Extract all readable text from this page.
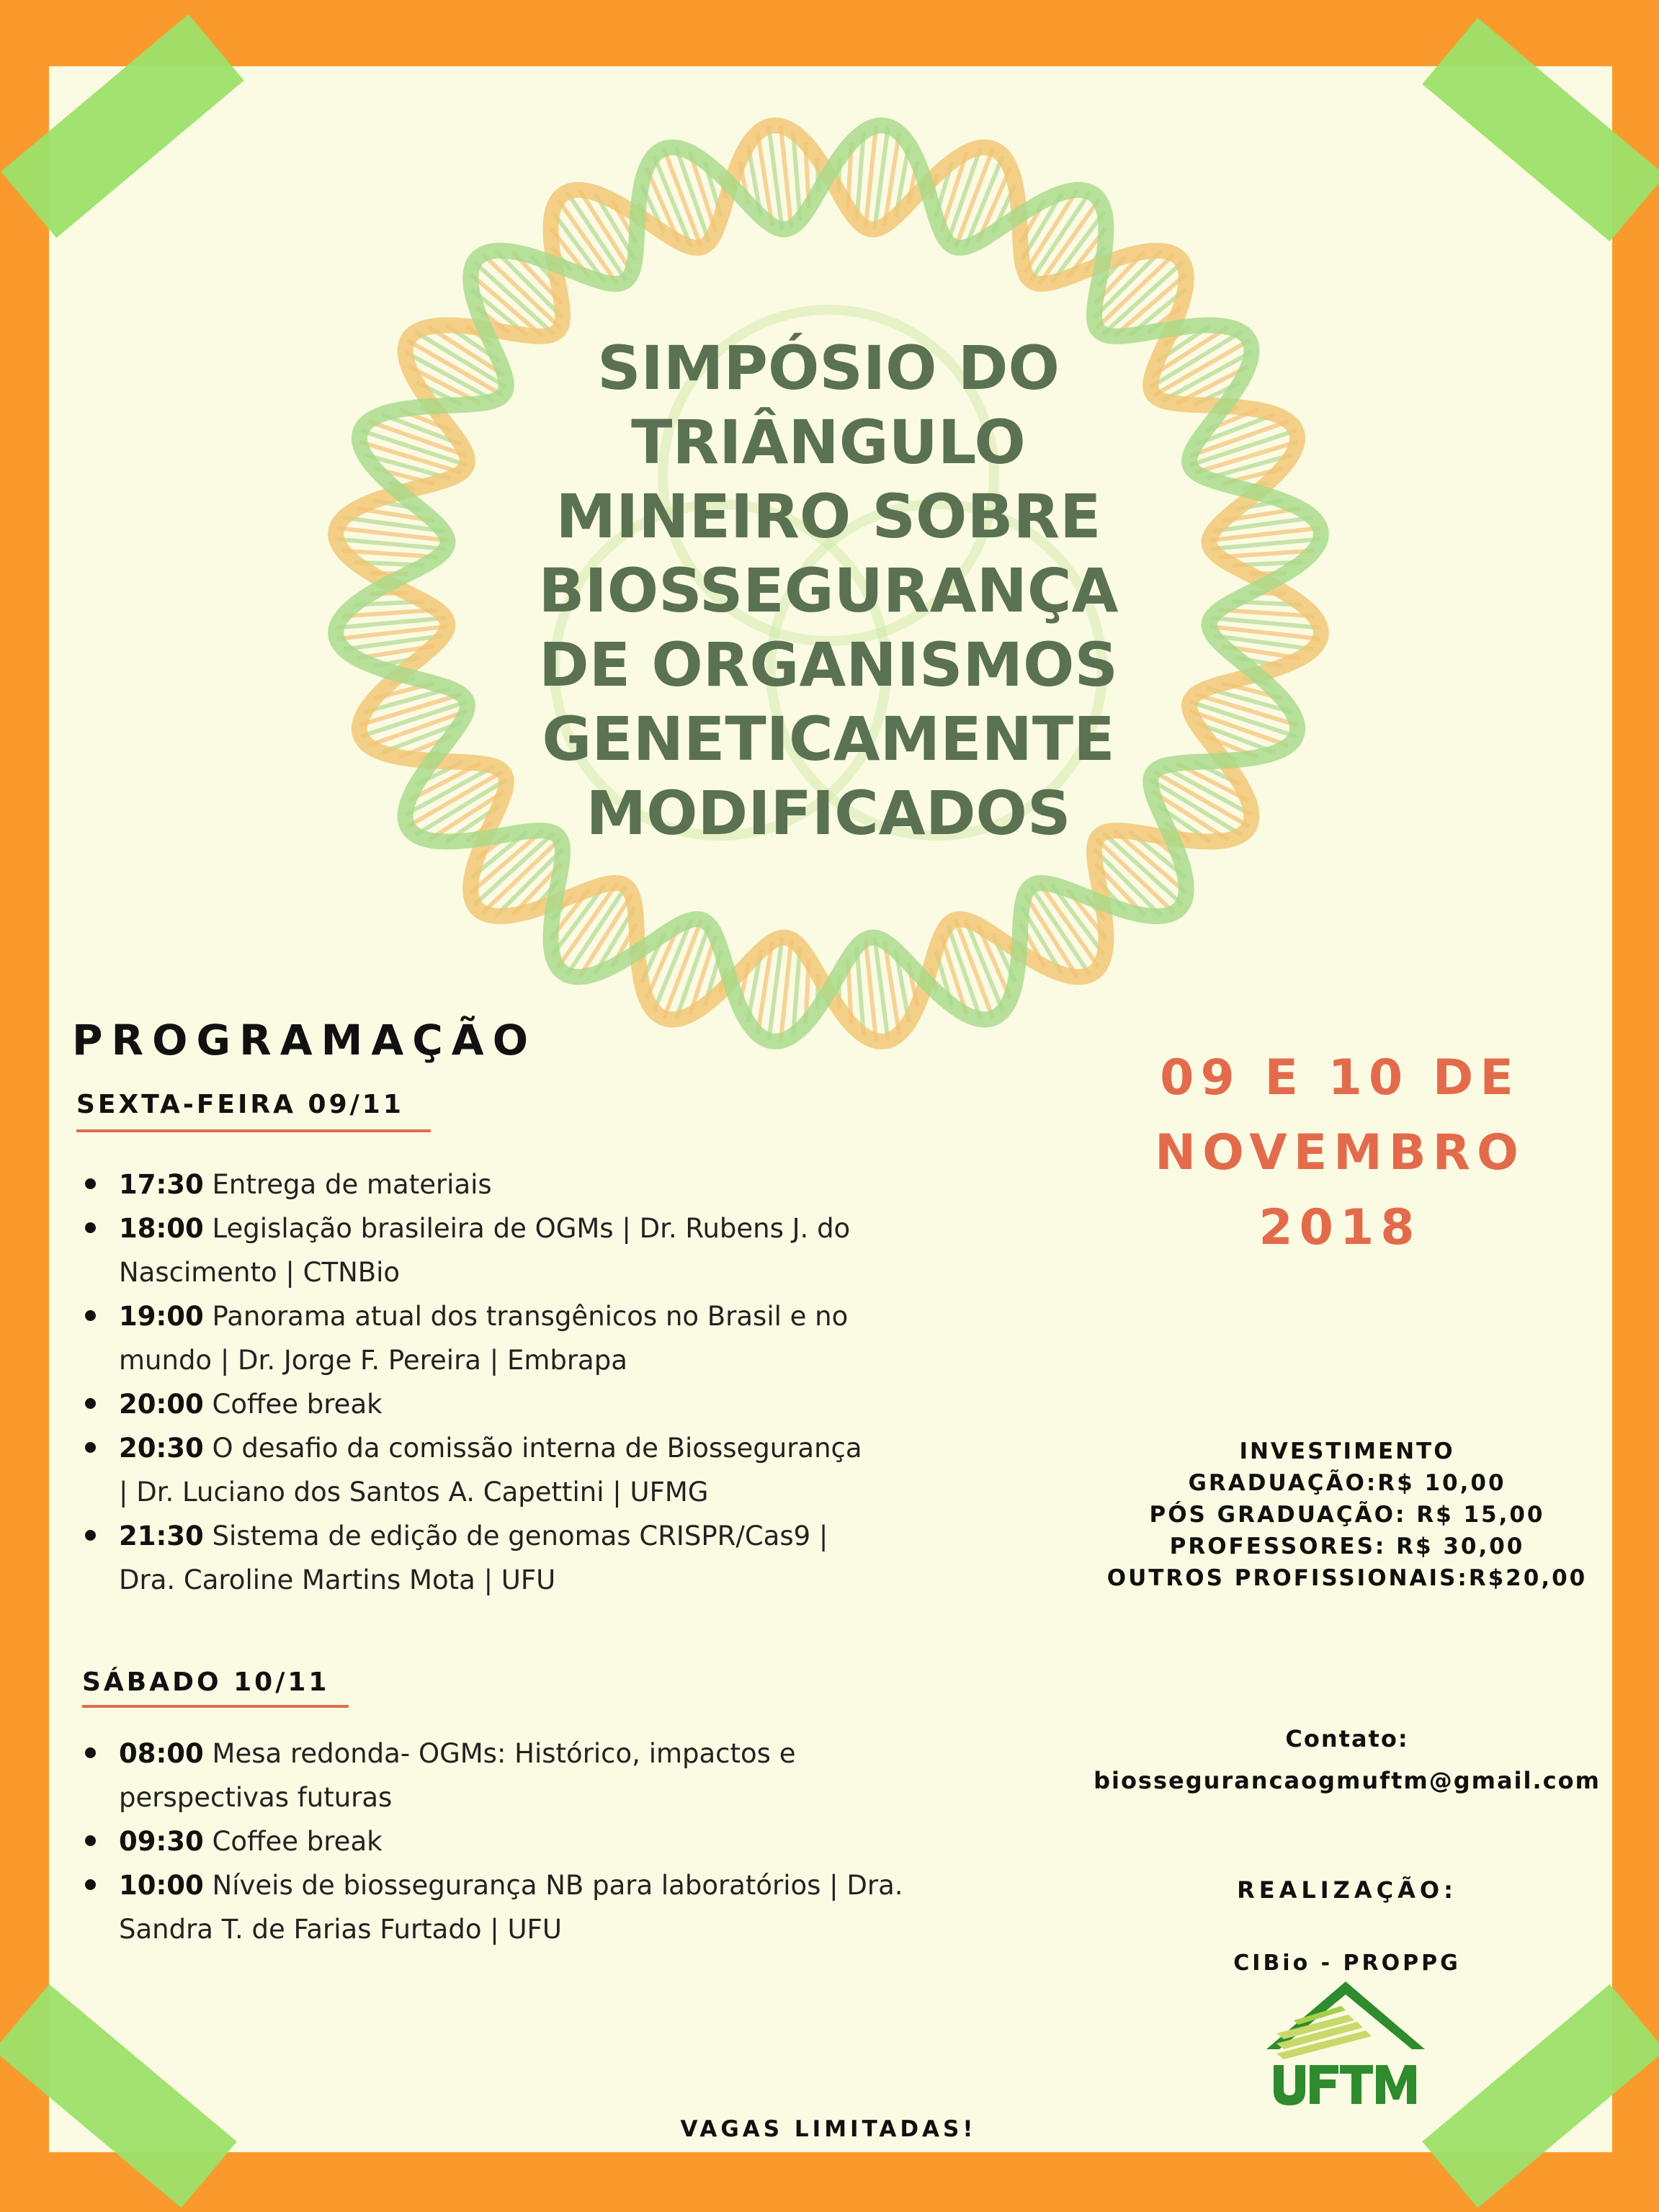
SIMPÓSIO DO
TRIÂNGULO
MINEIRO SOBRE
BIOSSEGURANÇA
DE ORGANISMOS
GENETICAMENTE
MODIFICADOS
PROGRAMAÇÃO
SEXTA-FEIRA 09/11
17:30 Entrega de materiais
18:00 Legislação brasileira de OGMs | Dr. Rubens J. do
Nascimento | CTNBio
19:00 Panorama atual dos transgênicos no Brasil e no
mundo | Dr. Jorge F. Pereira | Embrapa
20:00 Coffee break
20:30 O desafio da comissão interna de Biossegurança
| Dr. Luciano dos Santos A. Capettini | UFMG
21:30 Sistema de edição de genomas CRISPR/Cas9 |
Dra. Caroline Martins Mota | UFU
SÁBADO 10/11
08:00 Mesa redonda- OGMs: Histórico, impactos e
perspectivas futuras
09:30 Coffee break
10:00 Níveis de biossegurança NB para laboratórios | Dra.
Sandra T. de Farias Furtado | UFU
09 E 10 DE
NOVEMBRO
2018
INVESTIMENTO
GRADUAÇÃO:R$ 10,00
PÓS GRADUAÇÃO: R$ 15,00
PROFESSORES: R$ 30,00
OUTROS PROFISSIONAIS:R$20,00
Contato:
biossegurancaogmuftm@gmail.com
REALIZAÇÃO:
CIBio - PROPPG
VAGAS LIMITADAS!
